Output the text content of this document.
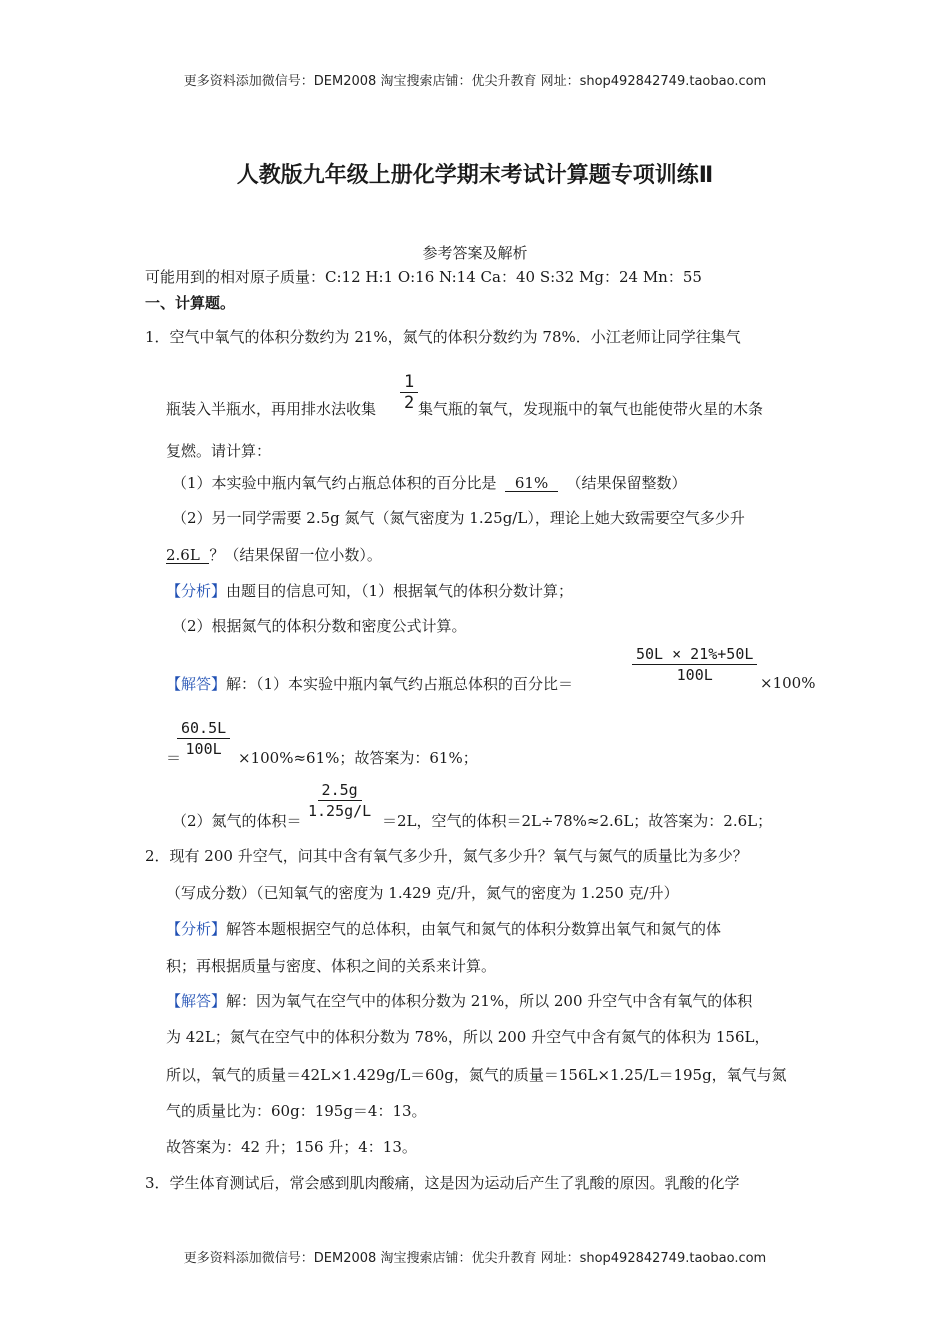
更多资料添加微信号：DEM2008 淘宝搜索店铺：优尖升教育 网址：shop492842749.taobao.com
人教版九年级上册化学期末考试计算题专项训练Ⅱ
参考答案及解析
可能用到的相对原子质量：C:12 H:1 O:16 N:14 Ca：40 S:32 Mg：24 Mn：55
一、计算题。
1．空气中氧气的体积分数约为 21%，氮气的体积分数约为 78%．小江老师让同学往集气
$\frac{1}{2}$
瓶装入半瓶水，再用排水法收集	集气瓶的氧气，发现瓶中的氧气也能使带火星的木条
复燃。请计算：
（1）本实验中瓶内氧气约占瓶总体积的百分比是   61%   （结果保留整数）
（2）另一同学需要 2.5g 氮气（氮气密度为 1.25g/L），理论上她大致需要空气多少升
2.6L  ？（结果保留一位小数）。
【分析】由题目的信息可知，（1）根据氧气的体积分数计算；
（2）根据氮气的体积分数和密度公式计算。
【解答】解：（1）本实验中瓶内氧气约占瓶总体积的百分比＝	$\frac{50L \times 21\%+50L}{100L} \times 100\%$
＝
$\frac{60.5L}{100L} \times 100\%\approx 61\%$；故答案为：61%；
（2）氮气的体积＝ $\frac{2.5g}{1.25g/L} =2L$，空气的体积＝2L÷78%≈2.6L；故答案为：2.6L；
2．现有 200 升空气，问其中含有氧气多少升，氮气多少升？氧气与氮气的质量比为多少？
（写成分数）（已知氧气的密度为 1.429 克/升，氮气的密度为 1.250 克/升）
【分析】解答本题根据空气的总体积，由氧气和氮气的体积分数算出氧气和氮气的体
积；再根据质量与密度、体积之间的关系来计算。
【解答】解：因为氧气在空气中的体积分数为 21%，所以 200 升空气中含有氧气的体积
为 42L；氮气在空气中的体积分数为 78%，所以 200 升空气中含有氮气的体积为 156L，
所以，氧气的质量＝42L×1.429g/L＝60g，氮气的质量＝156L×1.25/L＝195g，氧气与氮
气的质量比为：60g：195g＝4：13。
故答案为：42 升；156 升；4：13。
3．学生体育测试后，常会感到肌肉酸痛，这是因为运动后产生了乳酸的原因。乳酸的化学
更多资料添加微信号：DEM2008 淘宝搜索店铺：优尖升教育 网址：shop492842749.taobao.com
